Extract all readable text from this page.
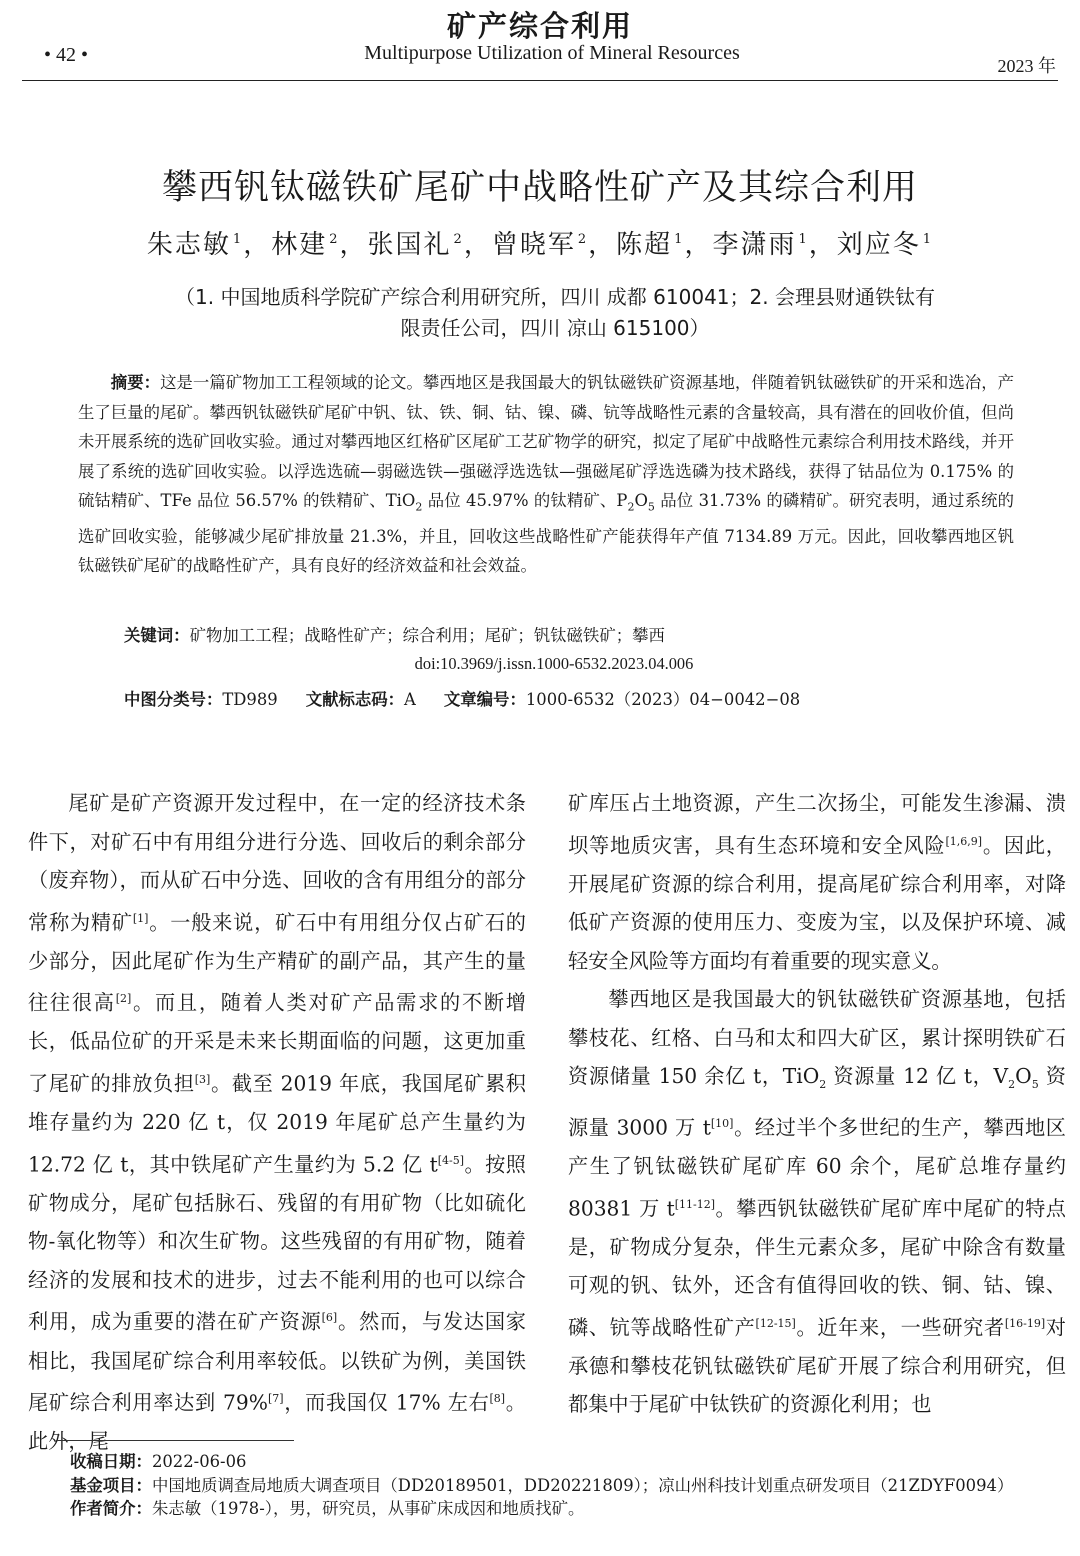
矿产综合利用
• 42 •	Multipurpose Utilization of Mineral Resources
2023 年
攀西钒钛磁铁矿尾矿中战略性矿产及其综合利用
朱志敏 $^1$，林建 $^2$，张国礼 $^2$，曾晓军 $^2$，陈超 $^1$，李潇雨 $^1$，刘应冬 $^1$
（1. 中国地质科学院矿产综合利用研究所，四川 成都 610041；2. 会理县财通铁钛有
限责任公司，四川 凉山 615100）

摘要：这是一篇矿物加工工程领域的论文。攀西地区是我国最大的钒钛磁铁矿资源基地，伴随着钒钛磁铁矿的开采和选冶，产生了巨量的尾矿。攀西钒钛磁铁矿尾矿中钒、钛、铁、铜、钴、镍、磷、钪等战略性元素的含量较高，具有潜在的回收价值，但尚未开展系统的选矿回收实验。通过对攀西地区红格矿区尾矿工艺矿物学的研究，拟定了尾矿中战略性元素综合利用技术路线，并开展了系统的选矿回收实验。以浮选选硫—弱磁选铁—强磁浮选选钛—强磁尾矿浮选选磷为技术路线，获得了钴品位为 0.175% 的硫钴精矿、TFe 品位 56.57% 的铁精矿、TiO$_2$ 品位 45.97% 的钛精矿、$P_2O_5$ 品位 31.73% 的磷精矿。研究表明，通过系统的选矿回收实验，能够减少尾矿排放量 21.3%，并且，回收这些战略性矿产能获得年产值 7134.89 万元。因此，回收攀西地区钒钛磁铁矿尾矿的战略性矿产，具有良好的经济效益和社会效益。

关键词：矿物加工工程；战略性矿产；综合利用；尾矿；钒钛磁铁矿；攀西
doi:10.3969/j.issn.1000-6532.2023.04.006
中图分类号：TD989 文献标志码：A 文章编号：1000-6532（2023）04−0042−08

尾矿是矿产资源开发过程中，在一定的经济技术条件下，对矿石中有用组分进行分选、回收后的剩余部分（废弃物），而从矿石中分选、回收的含有用组分的部分常称为精矿[1]。一般来说，矿石中有用组分仅占矿石的少部分，因此尾矿作为生产精矿的副产品，其产生的量往往很高[2]。而且，随着人类对矿产品需求的不断增长，低品位矿的开采是未来长期面临的问题，这更加重了尾矿的排放负担[3]。截至 2019 年底，我国尾矿累积堆存量约为 220 亿 t，仅 2019 年尾矿总产生量约为 12.72 亿 t，其中铁尾矿产生量约为 5.2 亿 t[4-5]。按照矿物成分，尾矿包括脉石、残留的有用矿物（比如硫化物-氧化物等）和次生矿物。这些残留的有用矿物，随着经济的发展和技术的进步，过去不能利用的也可以综合利用，成为重要的潜在矿产资源[6]。然而，与发达国家相比，我国尾矿综合利用率较低。以铁矿为例，美国铁尾矿综合利用率达到 79%[7]，而我国仅 17% 左右[8]。此外，尾

矿库压占土地资源，产生二次扬尘，可能发生渗漏、溃坝等地质灾害，具有生态环境和安全风险[1,6,9]。因此，开展尾矿资源的综合利用，提高尾矿综合利用率，对降低矿产资源的使用压力、变废为宝，以及保护环境、减轻安全风险等方面均有着重要的现实意义。

攀西地区是我国最大的钒钛磁铁矿资源基地，包括攀枝花、红格、白马和太和四大矿区，累计探明铁矿石资源储量 150 余亿 t，TiO$_2$ 资源量 12 亿 t，$V_2O_5$ 资源量 3000 万 t[10]。经过半个多世纪的生产，攀西地区产生了钒钛磁铁矿尾矿库 60 余个，尾矿总堆存量约 80381 万 t[11-12]。攀西钒钛磁铁矿尾矿库中尾矿的特点是，矿物成分复杂，伴生元素众多，尾矿中除含有数量可观的钒、钛外，还含有值得回收的铁、铜、钴、镍、磷、钪等战略性矿产[12-15]。近年来，一些研究者[16-19]对承德和攀枝花钒钛磁铁矿尾矿开展了综合利用研究，但都集中于尾矿中钛铁矿的资源化利用；也

收稿日期：2022-06-06

基金项目：中国地质调查局地质大调查项目（DD20189501，DD20221809）；凉山州科技计划重点研发项目（21ZDYF0094）

作者简介：朱志敏（1978-），男，研究员，从事矿床成因和地质找矿。
